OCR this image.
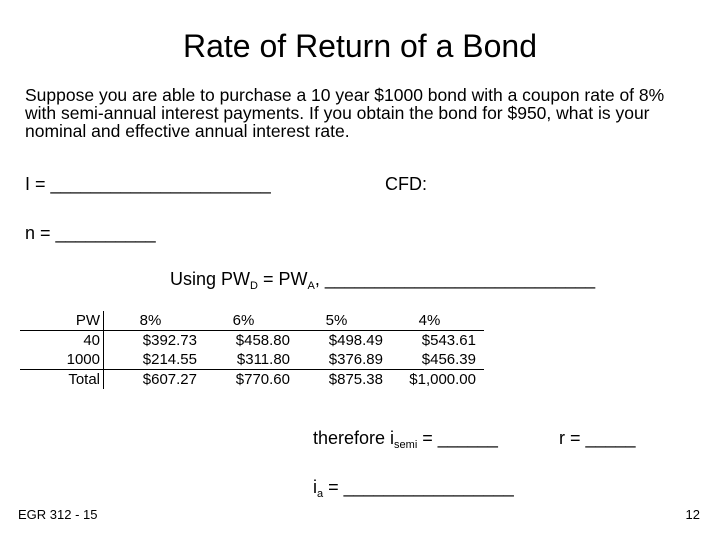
Rate of Return of a Bond
Suppose you are able to purchase a 10 year $1000 bond with a coupon rate of 8% with semi-annual interest payments. If you obtain the bond for $950, what is your nominal and effective annual interest rate.
I = ______________________	CFD:
n = __________
Using $PW_D = PW_A$, ___________________________
PW	8%	6%	5%	4%
40	$392.73	$458.80	$498.49	$543.61
1000	$214.55	$311.80	$376.89	$456.39
Total	$607.27	$770.60	$875.38	$1,000.00
therefore $i_{semi}$ = ______	r = _____
$i_a$ = _________________
EGR 312 - 15	12
